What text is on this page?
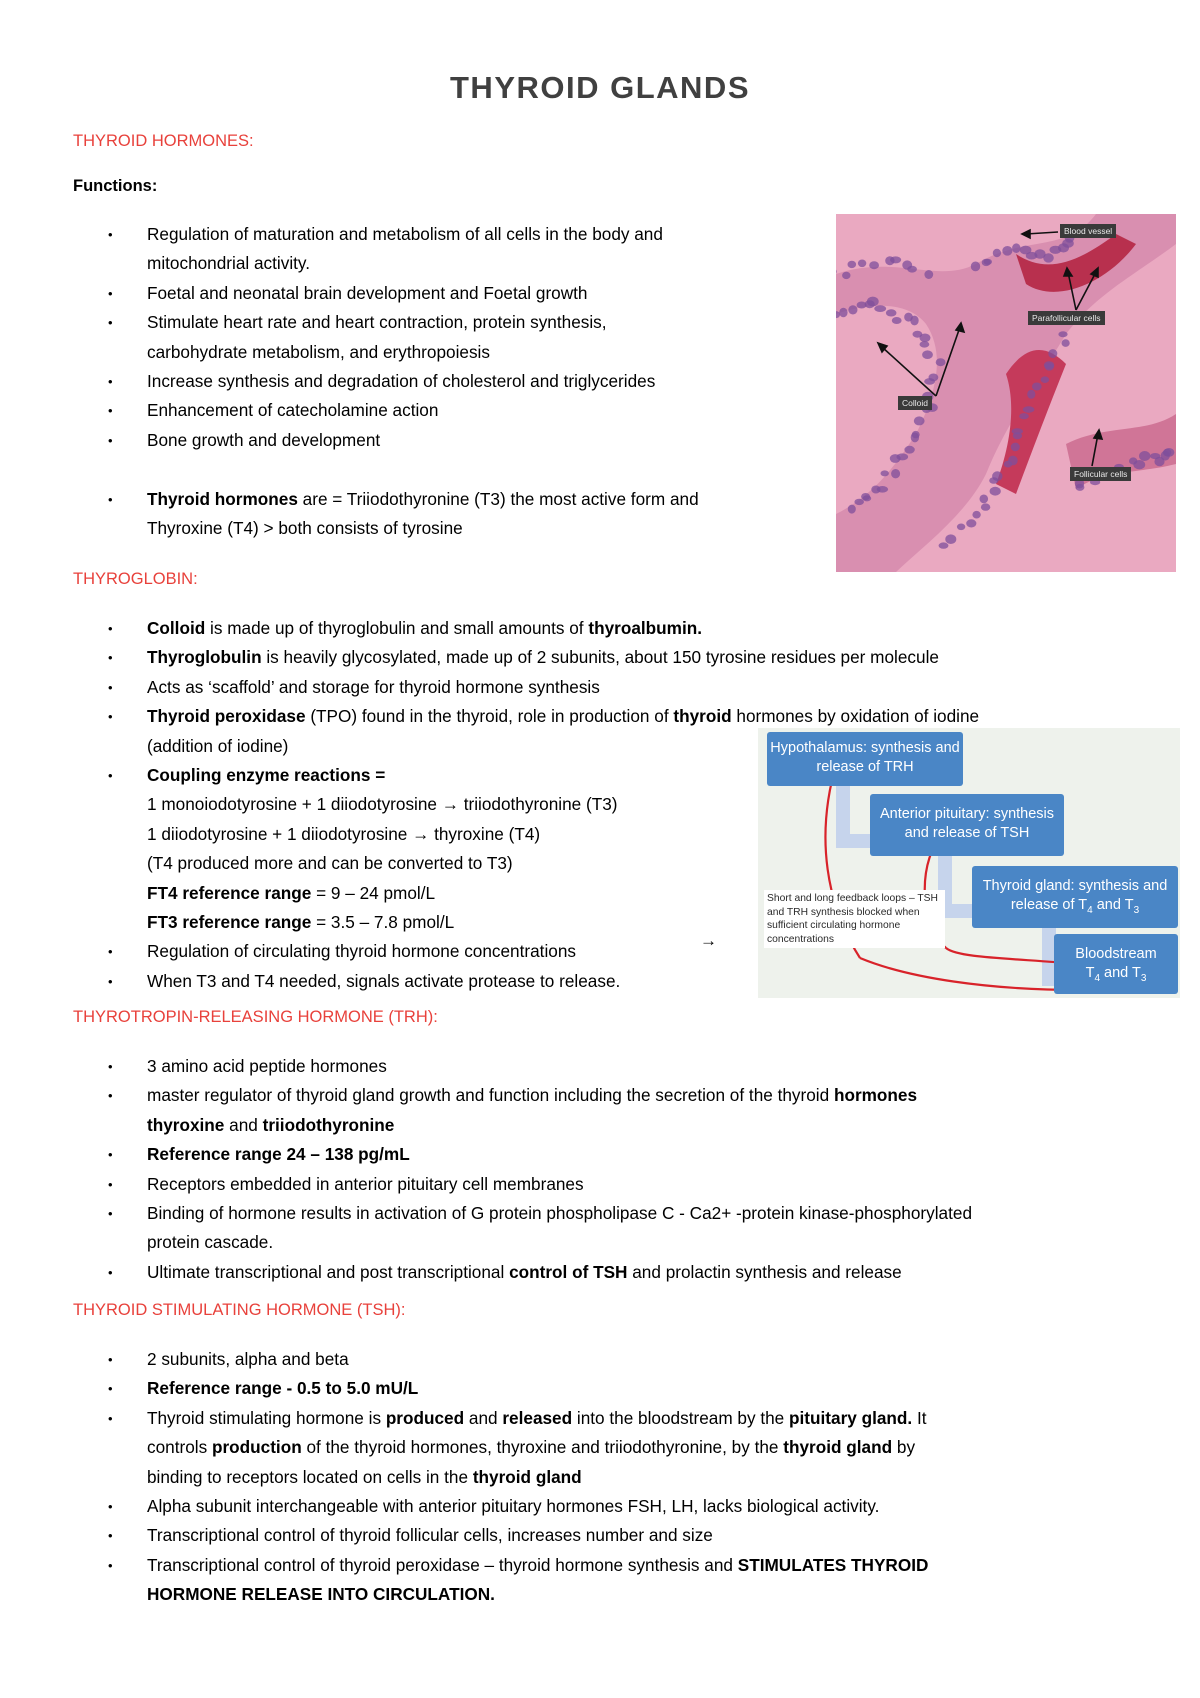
THYROID GLANDS
THYROID HORMONES:
Functions:
• Regulation of maturation and metabolism of all cells in the body and
mitochondrial activity.
• Foetal and neonatal brain development and Foetal growth
• Stimulate heart rate and heart contraction, protein synthesis,
carbohydrate metabolism, and erythropoiesis
• Increase synthesis and degradation of cholesterol and triglycerides
• Enhancement of catecholamine action
• Bone growth and development
• Thyroid hormones are = Triiodothyronine (T3) the most active form and
Thyroxine (T4) > both consists of tyrosine
Blood vessel
Parafollicular cells
Colloid
Follicular cells
THYROGLOBIN:
• Colloid is made up of thyroglobulin and small amounts of thyroalbumin.
• Thyroglobulin is heavily glycosylated, made up of 2 subunits, about 150 tyrosine residues per molecule
• Acts as ‘scaffold’ and storage for thyroid hormone synthesis
• Thyroid peroxidase (TPO) found in the thyroid, role in production of thyroid hormones by oxidation of iodine
(addition of iodine)
• Coupling enzyme reactions =
1 monoiodotyrosine + 1 diiodotyrosine → triiodothyronine (T3)
1 diiodotyrosine + 1 diiodotyrosine → thyroxine (T4)
(T4 produced more and can be converted to T3)
FT4 reference range = 9 – 24 pmol/L
FT3 reference range = 3.5 – 7.8 pmol/L
• Regulation of circulating thyroid hormone concentrations
• When T3 and T4 needed, signals activate protease to release.
→
Hypothalamus: synthesis and release of TRH
Anterior pituitary: synthesis and release of TSH
Thyroid gland: synthesis and release of $T_4$ and $T_3$
Bloodstream
$T_4$ and $T_3$
Short and long feedback loops – TSH and TRH synthesis blocked when sufficient circulating hormone concentrations
THYROTROPIN-RELEASING HORMONE (TRH):
• 3 amino acid peptide hormones
• master regulator of thyroid gland growth and function including the secretion of the thyroid hormones
thyroxine and triiodothyronine
• Reference range 24 – 138 pg/mL
• Receptors embedded in anterior pituitary cell membranes
• Binding of hormone results in activation of G protein phospholipase C - Ca2+ -protein kinase-phosphorylated
protein cascade.
• Ultimate transcriptional and post transcriptional control of TSH and prolactin synthesis and release
THYROID STIMULATING HORMONE (TSH):
• 2 subunits, alpha and beta
• Reference range - 0.5 to 5.0 mU/L
• Thyroid stimulating hormone is produced and released into the bloodstream by the pituitary gland. It
controls production of the thyroid hormones, thyroxine and triiodothyronine, by the thyroid gland by
binding to receptors located on cells in the thyroid gland
• Alpha subunit interchangeable with anterior pituitary hormones FSH, LH, lacks biological activity.
• Transcriptional control of thyroid follicular cells, increases number and size
• Transcriptional control of thyroid peroxidase – thyroid hormone synthesis and STIMULATES THYROID
HORMONE RELEASE INTO CIRCULATION.
